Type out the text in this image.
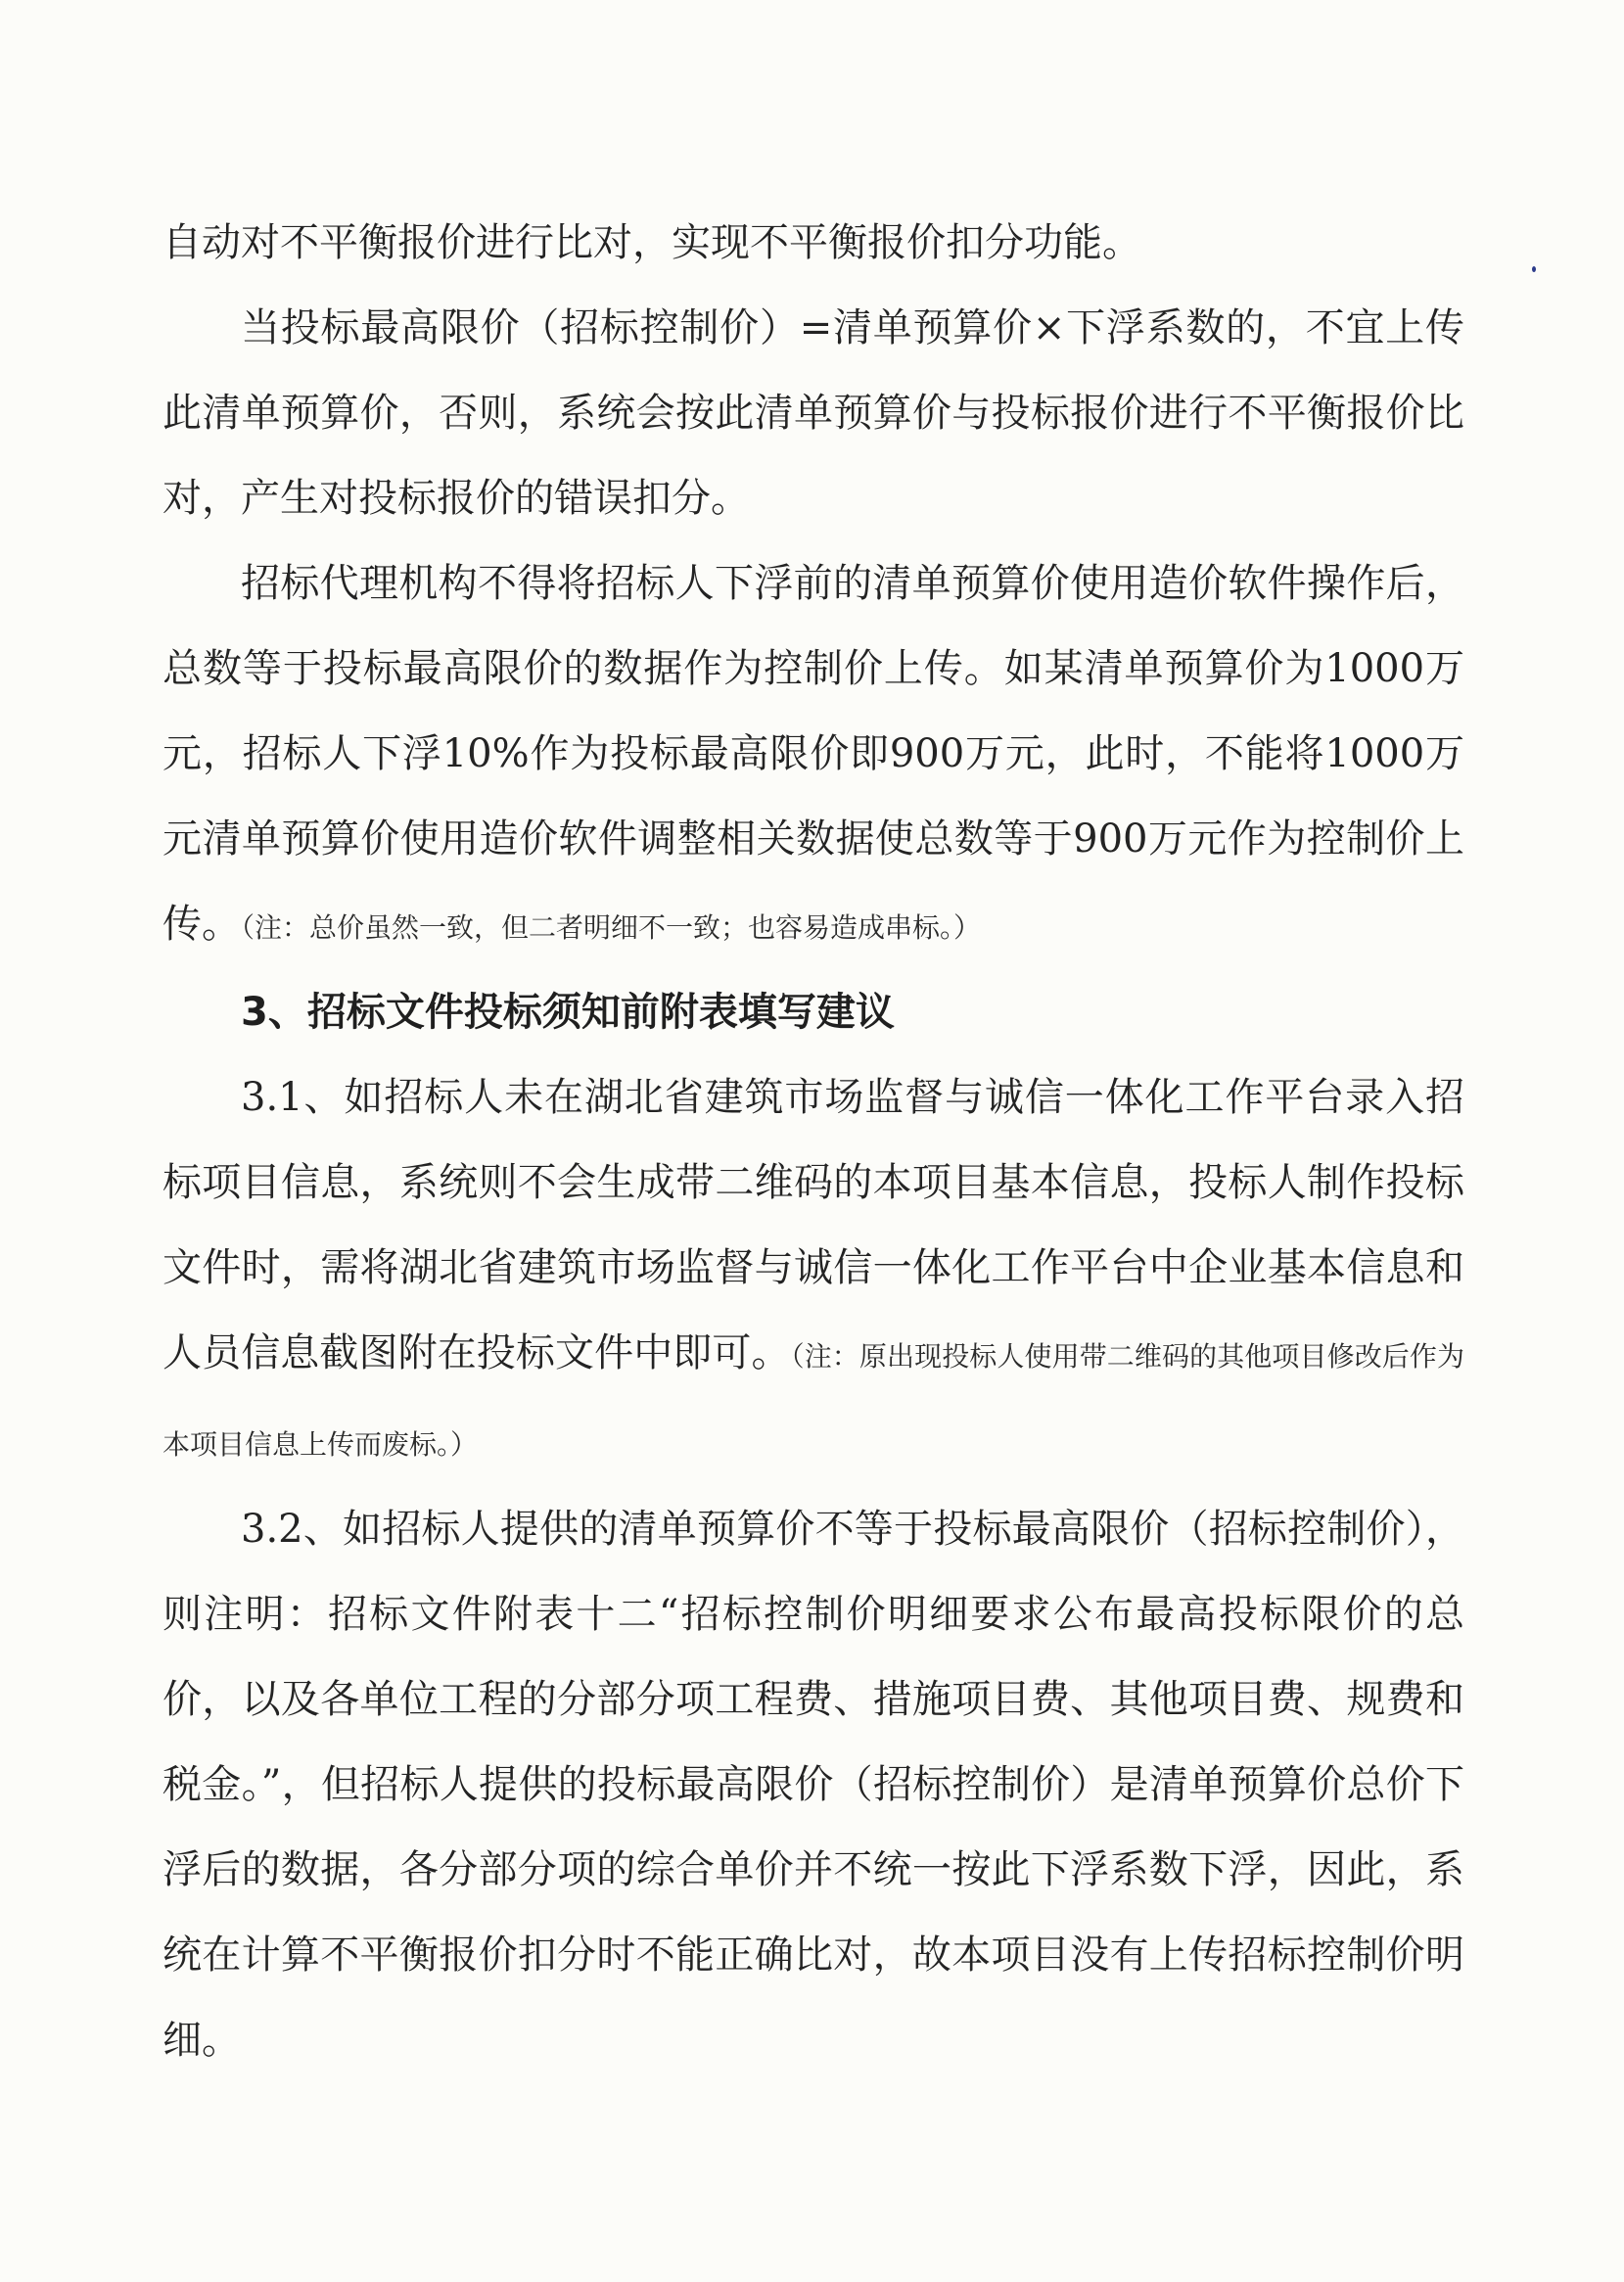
自动对不平衡报价进行比对，实现不平衡报价扣分功能。

当投标最高限价（招标控制价）=清单预算价×下浮系数的，不宜上传此清单预算价，否则，系统会按此清单预算价与投标报价进行不平衡报价比对，产生对投标报价的错误扣分。

招标代理机构不得将招标人下浮前的清单预算价使用造价软件操作后，总数等于投标最高限价的数据作为控制价上传。如某清单预算价为1000万元，招标人下浮10%作为投标最高限价即900万元，此时，不能将1000万元清单预算价使用造价软件调整相关数据使总数等于900万元作为控制价上传。（注：总价虽然一致，但二者明细不一致；也容易造成串标。）

3、招标文件投标须知前附表填写建议

3.1、如招标人未在湖北省建筑市场监督与诚信一体化工作平台录入招标项目信息，系统则不会生成带二维码的本项目基本信息，投标人制作投标文件时，需将湖北省建筑市场监督与诚信一体化工作平台中企业基本信息和人员信息截图附在投标文件中即可。（注：原出现投标人使用带二维码的其他项目修改后作为本项目信息上传而废标。）

3.2、如招标人提供的清单预算价不等于投标最高限价（招标控制价），则注明：招标文件附表十二“招标控制价明细要求公布最高投标限价的总价，以及各单位工程的分部分项工程费、措施项目费、其他项目费、规费和税金。”，但招标人提供的投标最高限价（招标控制价）是清单预算价总价下浮后的数据，各分部分项的综合单价并不统一按此下浮系数下浮，因此，系统在计算不平衡报价扣分时不能正确比对，故本项目没有上传招标控制价明细。
